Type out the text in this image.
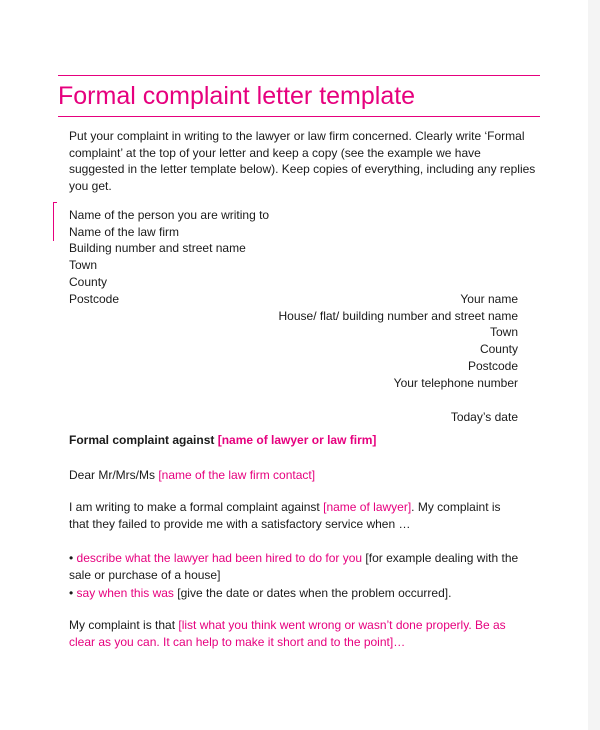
Formal complaint letter template

Put your complaint in writing to the lawyer or law firm concerned. Clearly write ‘Formal complaint’ at the top of your letter and keep a copy (see the example we have suggested in the letter template below). Keep copies of everything, including any replies you get.

Name of the person you are writing to
Name of the law firm
Building number and street name
Town
County
Postcode	Your name
House/ flat/ building number and street name
Town
County
Postcode
Your telephone number
Today’s date
Formal complaint against [name of lawyer or law firm]
Dear Mr/Mrs/Ms [name of the law firm contact]
I am writing to make a formal complaint against [name of lawyer]. My complaint is that they failed to provide me with a satisfactory service when …
• describe what the lawyer had been hired to do for you [for example dealing with the sale or purchase of a house]
• say when this was [give the date or dates when the problem occurred].
My complaint is that [list what you think went wrong or wasn’t done properly. Be as clear as you can. It can help to make it short and to the point]…
